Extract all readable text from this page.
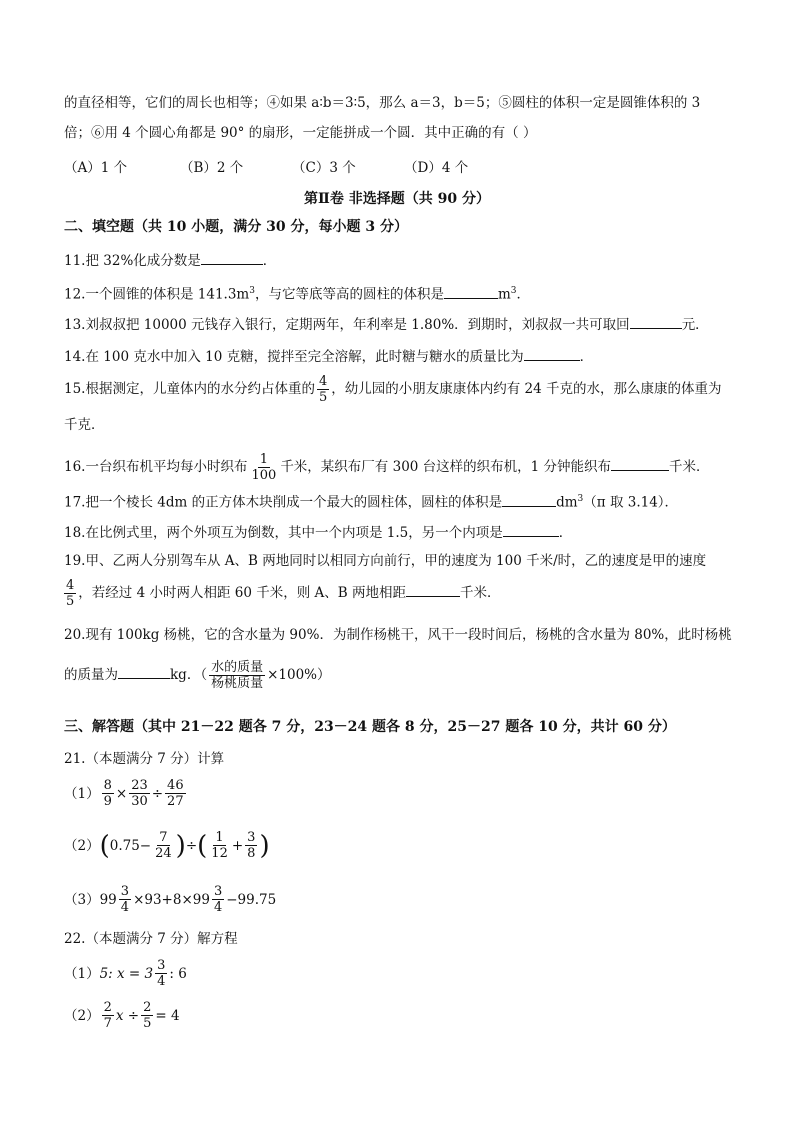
的直径相等，它们的周长也相等；④如果 a∶b＝3∶5，那么 a＝3，b＝5；⑤圆柱的体积一定是圆锥体积的 3
倍；⑥用 4 个圆心角都是 90° 的扇形，一定能拼成一个圆．其中正确的有（ ）
（A）1 个	（B）2 个	（C）3 个	（D）4 个
第Ⅱ卷 非选择题（共 90 分）
二、填空题（共 10 小题，满分 30 分，每小题 3 分）
11.把 32%化成分数是	．
12.一个圆锥的体积是 $141.3m^3$，与它等底等高的圆柱的体积是	$m^3$．
13.刘叔叔把 10000 元钱存入银行，定期两年，年利率是 1.80%．到期时，刘叔叔一共可取回	元．
14.在 100 克水中加入 10 克糖，搅拌至完全溶解，此时糖与糖水的质量比为	．
15.根据测定，儿童体内的水分约占体重的 $\frac{4}{5}$ ，幼儿园的小朋友康康体内约有 24 千克的水，那么康康的体重为
千克．
16.一台织布机平均每小时织布 $\frac{1}{100}$ 千米，某织布厂有 300 台这样的织布机，1 分钟能织布	千米．
17.把一个棱长 4dm 的正方体木块削成一个最大的圆柱体，圆柱的体积是	$dm^3(\pi$ 取 3.14）．
18.在比例式里，两个外项互为倒数，其中一个内项是 1.5，另一个内项是	．
19.甲、乙两人分别驾车从 A、B 两地同时以相同方向前行，甲的速度为 100 千米/时，乙的速度是甲的速度
$\frac{4}{5}$ ，若经过 4 小时两人相距 60 千米，则 A、B 两地相距	千米．
20.现有 100kg 杨桃，它的含水量为 90%．为制作杨桃干，风干一段时间后，杨桃的含水量为 80%，此时杨桃
的质量为	kg．（ $\frac{\text{水的质量}}{\text{杨桃质量}} \times 100\%$）
三、解答题（其中 21－22 题各 7 分，23－24 题各 8 分，25－27 题各 10 分，共计 60 分）
21.（本题满分 7 分）计算
$(1) \frac{8}{9} \times \frac{23}{30} \div \frac{46}{27}$
（2） ( $0.75- \frac{7}{24}$ ) ÷ ( $\frac{1}{12} + \frac{3}{8}$ )
（3） $99 \frac{3}{4} \times 93+8\times 99 \frac{3}{4} -99.75$
22.（本题满分 7 分）解方程
（1） 5: $x = 3 \frac{3}{4}$ : 6
$(2) \frac{2}{7}$ $x \div \frac{2}{5} = 4$
